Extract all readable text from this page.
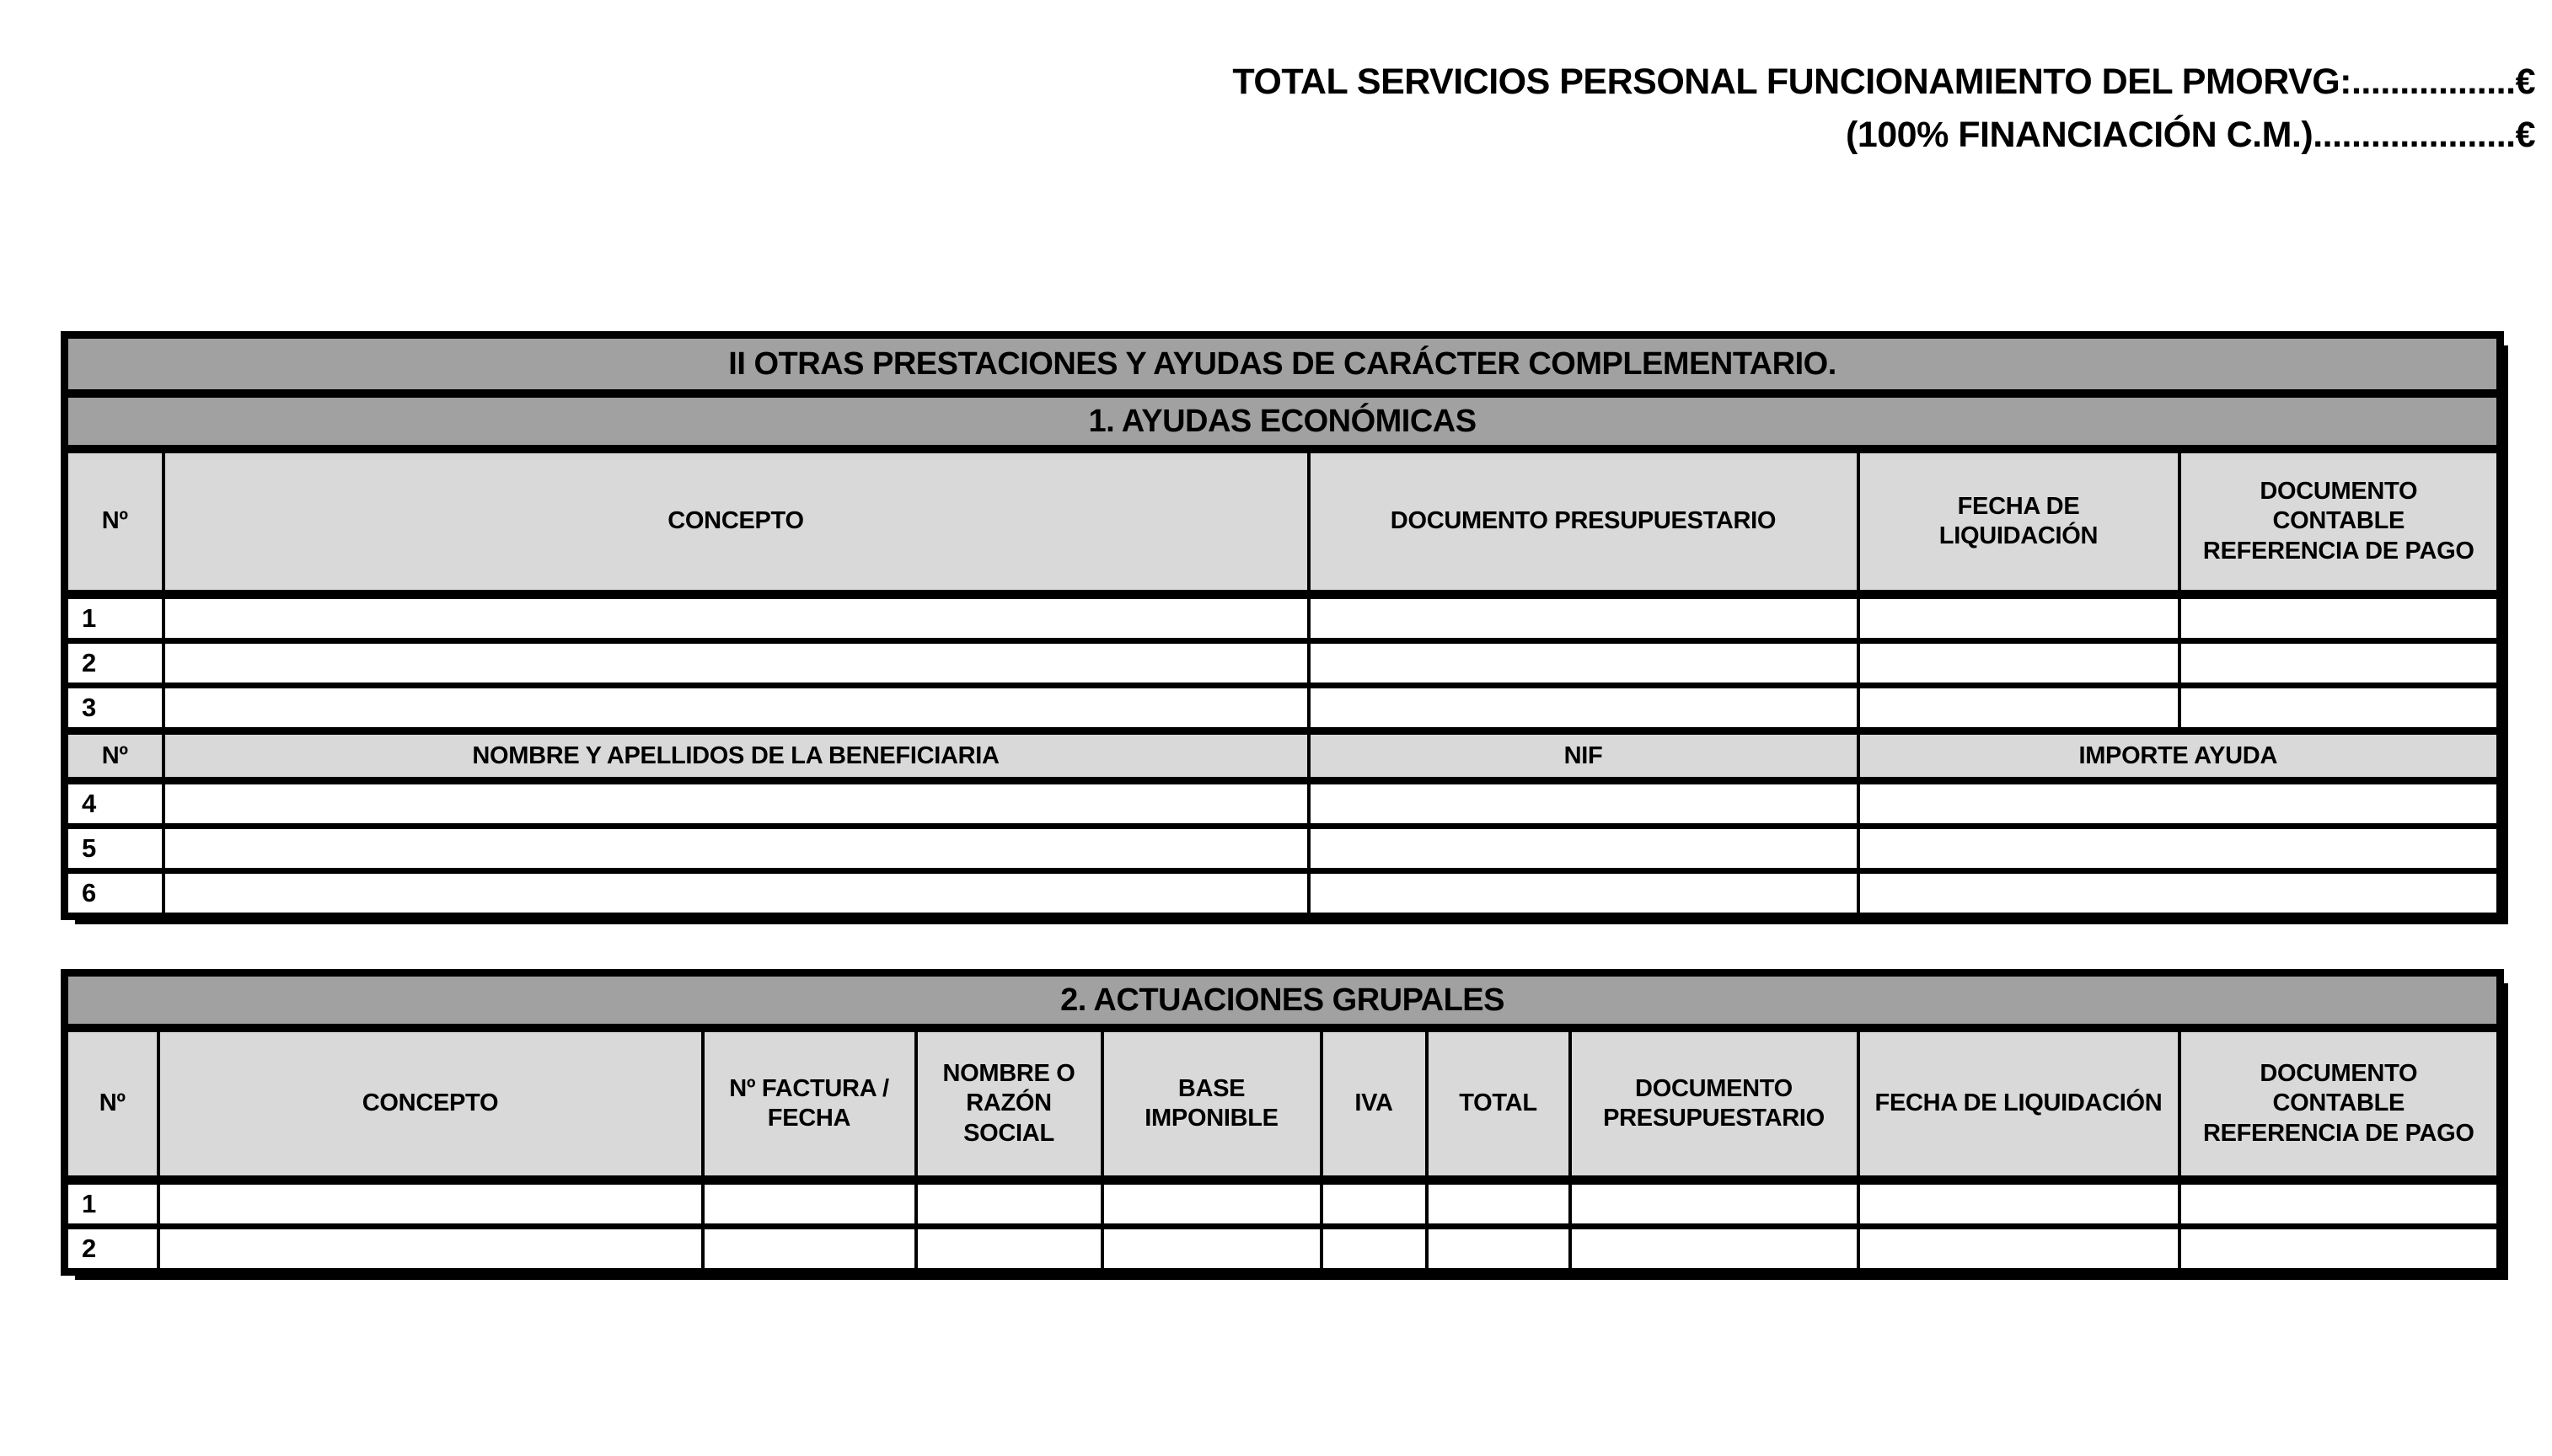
TOTAL SERVICIOS PERSONAL FUNCIONAMIENTO DEL PMORVG:.................€
(100% FINANCIACIÓN C.M.).....................€
II OTRAS PRESTACIONES Y AYUDAS DE CARÁCTER COMPLEMENTARIO.				
1. AYUDAS ECONÓMICAS				
Nº	CONCEPTO	DOCUMENTO PRESUPUESTARIO	FECHA DE LIQUIDACIÓN	DOCUMENTO CONTABLE REFERENCIA DE PAGO
1				
2				
3				
Nº	NOMBRE Y APELLIDOS DE LA BENEFICIARIA	NIF	IMPORTE AYUDA	
4				
5				
6				
2. ACTUACIONES GRUPALES									
Nº	CONCEPTO	Nº FACTURA / FECHA	NOMBRE O RAZÓN SOCIAL	BASE IMPONIBLE	IVA	TOTAL	DOCUMENTO PRESUPUESTARIO	FECHA DE LIQUIDACIÓN	DOCUMENTO CONTABLE REFERENCIA DE PAGO
1									
2									
